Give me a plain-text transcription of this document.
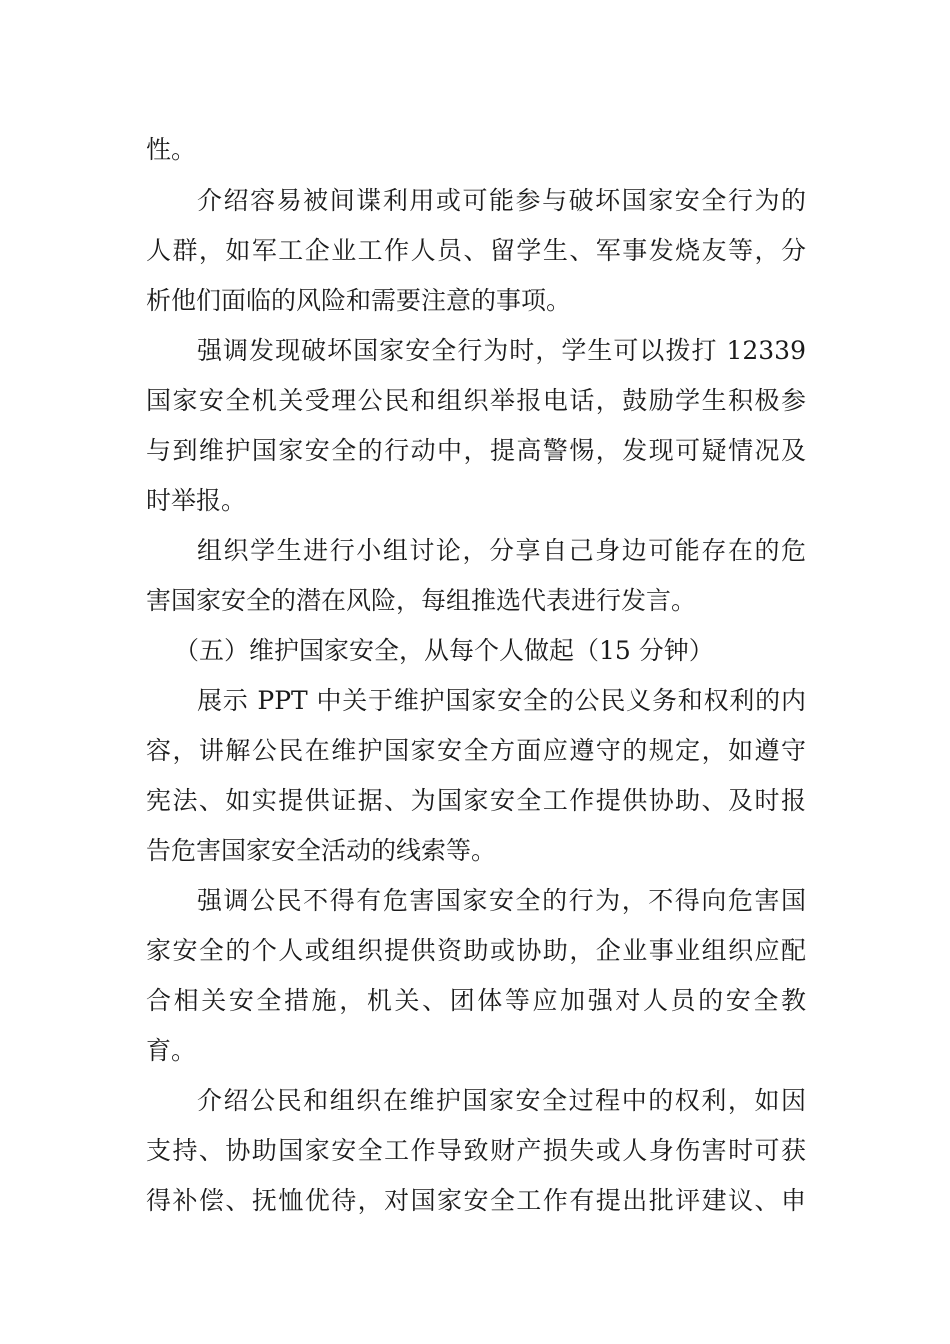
性。
介绍容易被间谍利用或可能参与破坏国家安全行为的
人群，如军工企业工作人员、留学生、军事发烧友等，分
析他们面临的风险和需要注意的事项。
强调发现破坏国家安全行为时，学生可以拨打 12339
国家安全机关受理公民和组织举报电话，鼓励学生积极参
与到维护国家安全的行动中，提高警惕，发现可疑情况及
时举报。
组织学生进行小组讨论，分享自己身边可能存在的危
害国家安全的潜在风险，每组推选代表进行发言。
（五）维护国家安全，从每个人做起（15 分钟）
展示 PPT 中关于维护国家安全的公民义务和权利的内
容，讲解公民在维护国家安全方面应遵守的规定，如遵守
宪法、如实提供证据、为国家安全工作提供协助、及时报
告危害国家安全活动的线索等。
强调公民不得有危害国家安全的行为，不得向危害国
家安全的个人或组织提供资助或协助，企业事业组织应配
合相关安全措施，机关、团体等应加强对人员的安全教
育。
介绍公民和组织在维护国家安全过程中的权利，如因
支持、协助国家安全工作导致财产损失或人身伤害时可获
得补偿、抚恤优待，对国家安全工作有提出批评建议、申
